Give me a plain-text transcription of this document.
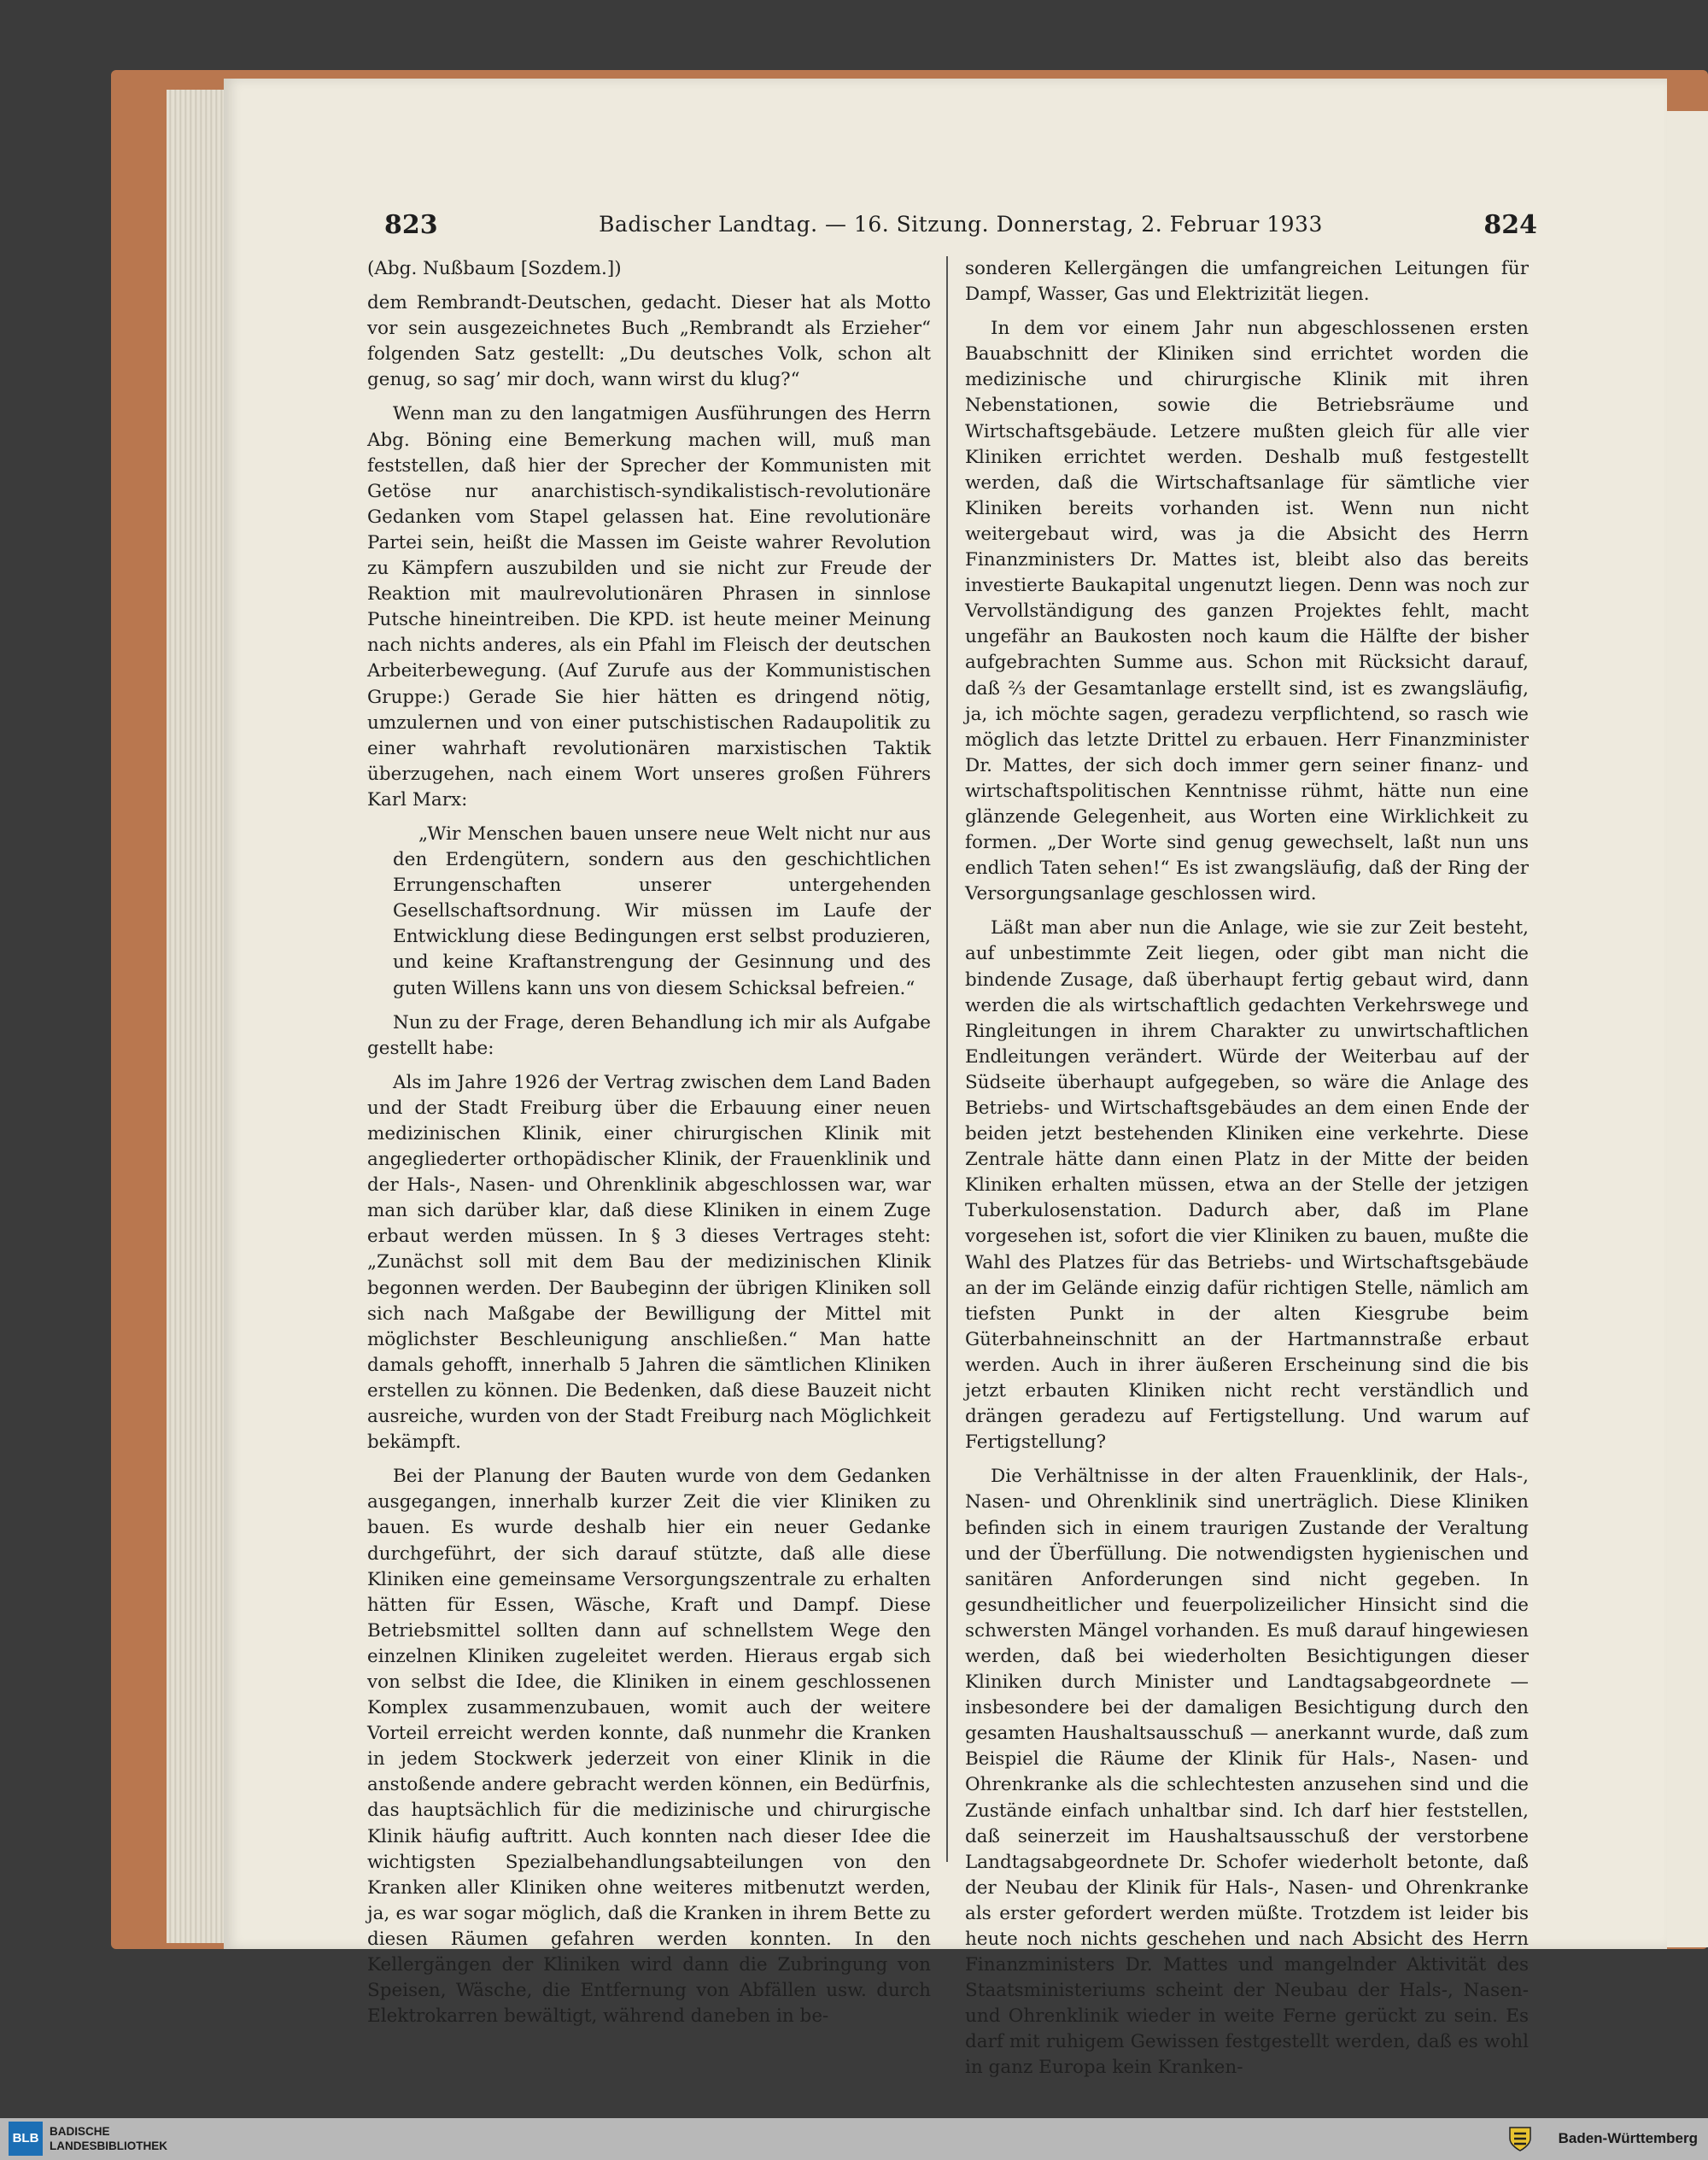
823	Badischer Landtag. — 16. Sitzung. Donnerstag, 2. Februar 1933	824

(Abg. Nußbaum [Sozdem.])

dem Rembrandt-Deutschen, gedacht. Dieser hat als Motto vor sein ausgezeichnetes Buch „Rembrandt als Erzieher“ folgenden Satz gestellt: „Du deutsches Volk, schon alt genug, so sag’ mir doch, wann wirst du klug?“

Wenn man zu den langatmigen Ausführungen des Herrn Abg. Böning eine Bemerkung machen will, muß man feststellen, daß hier der Sprecher der Kommunisten mit Getöse nur anarchistisch-syndikalistisch-revolutionäre Gedanken vom Stapel gelassen hat. Eine revolutionäre Partei sein, heißt die Massen im Geiste wahrer Revolution zu Kämpfern auszubilden und sie nicht zur Freude der Reaktion mit maulrevolutionären Phrasen in sinnlose Putsche hineintreiben. Die KPD. ist heute meiner Meinung nach nichts anderes, als ein Pfahl im Fleisch der deutschen Arbeiterbewegung. (Auf Zurufe aus der Kommunistischen Gruppe:) Gerade Sie hier hätten es dringend nötig, umzulernen und von einer putschistischen Radaupolitik zu einer wahrhaft revolutionären marxistischen Taktik überzugehen, nach einem Wort unseres großen Führers Karl Marx:

„Wir Menschen bauen unsere neue Welt nicht nur aus den Erdengütern, sondern aus den geschichtlichen Errungenschaften unserer untergehenden Gesellschaftsordnung. Wir müssen im Laufe der Entwicklung diese Bedingungen erst selbst produzieren, und keine Kraftanstrengung der Gesinnung und des guten Willens kann uns von diesem Schicksal befreien.“

Nun zu der Frage, deren Behandlung ich mir als Aufgabe gestellt habe:

Als im Jahre 1926 der Vertrag zwischen dem Land Baden und der Stadt Freiburg über die Erbauung einer neuen medizinischen Klinik, einer chirurgischen Klinik mit angegliederter orthopädischer Klinik, der Frauenklinik und der Hals-, Nasen- und Ohrenklinik abgeschlossen war, war man sich darüber klar, daß diese Kliniken in einem Zuge erbaut werden müssen. In § 3 dieses Vertrages steht: „Zunächst soll mit dem Bau der medizinischen Klinik begonnen werden. Der Baubeginn der übrigen Kliniken soll sich nach Maßgabe der Bewilligung der Mittel mit möglichster Beschleunigung anschließen.“ Man hatte damals gehofft, innerhalb 5 Jahren die sämtlichen Kliniken erstellen zu können. Die Bedenken, daß diese Bauzeit nicht ausreiche, wurden von der Stadt Freiburg nach Möglichkeit bekämpft.

Bei der Planung der Bauten wurde von dem Gedanken ausgegangen, innerhalb kurzer Zeit die vier Kliniken zu bauen. Es wurde deshalb hier ein neuer Gedanke durchgeführt, der sich darauf stützte, daß alle diese Kliniken eine gemeinsame Versorgungszentrale zu erhalten hätten für Essen, Wäsche, Kraft und Dampf. Diese Betriebsmittel sollten dann auf schnellstem Wege den einzelnen Kliniken zugeleitet werden. Hieraus ergab sich von selbst die Idee, die Kliniken in einem geschlossenen Komplex zusammenzubauen, womit auch der weitere Vorteil erreicht werden konnte, daß nunmehr die Kranken in jedem Stockwerk jederzeit von einer Klinik in die anstoßende andere gebracht werden können, ein Bedürfnis, das hauptsächlich für die medizinische und chirurgische Klinik häufig auftritt. Auch konnten nach dieser Idee die wichtigsten Spezialbehandlungsabteilungen von den Kranken aller Kliniken ohne weiteres mitbenutzt werden, ja, es war sogar möglich, daß die Kranken in ihrem Bette zu diesen Räumen gefahren werden konnten. In den Kellergängen der Kliniken wird dann die Zubringung von Speisen, Wäsche, die Entfernung von Abfällen usw. durch Elektrokarren bewältigt, während daneben in be-

sonderen Kellergängen die umfangreichen Leitungen für Dampf, Wasser, Gas und Elektrizität liegen.

In dem vor einem Jahr nun abgeschlossenen ersten Bauabschnitt der Kliniken sind errichtet worden die medizinische und chirurgische Klinik mit ihren Nebenstationen, sowie die Betriebsräume und Wirtschaftsgebäude. Letzere mußten gleich für alle vier Kliniken errichtet werden. Deshalb muß festgestellt werden, daß die Wirtschaftsanlage für sämtliche vier Kliniken bereits vorhanden ist. Wenn nun nicht weitergebaut wird, was ja die Absicht des Herrn Finanzministers Dr. Mattes ist, bleibt also das bereits investierte Baukapital ungenutzt liegen. Denn was noch zur Vervollständigung des ganzen Projektes fehlt, macht ungefähr an Baukosten noch kaum die Hälfte der bisher aufgebrachten Summe aus. Schon mit Rücksicht darauf, daß ⅔ der Gesamtanlage erstellt sind, ist es zwangsläufig, ja, ich möchte sagen, geradezu verpflichtend, so rasch wie möglich das letzte Drittel zu erbauen. Herr Finanzminister Dr. Mattes, der sich doch immer gern seiner finanz- und wirtschaftspolitischen Kenntnisse rühmt, hätte nun eine glänzende Gelegenheit, aus Worten eine Wirklichkeit zu formen. „Der Worte sind genug gewechselt, laßt nun uns endlich Taten sehen!“ Es ist zwangsläufig, daß der Ring der Versorgungsanlage geschlossen wird.

Läßt man aber nun die Anlage, wie sie zur Zeit besteht, auf unbestimmte Zeit liegen, oder gibt man nicht die bindende Zusage, daß überhaupt fertig gebaut wird, dann werden die als wirtschaftlich gedachten Verkehrswege und Ringleitungen in ihrem Charakter zu unwirtschaftlichen Endleitungen verändert. Würde der Weiterbau auf der Südseite überhaupt aufgegeben, so wäre die Anlage des Betriebs- und Wirtschaftsgebäudes an dem einen Ende der beiden jetzt bestehenden Kliniken eine verkehrte. Diese Zentrale hätte dann einen Platz in der Mitte der beiden Kliniken erhalten müssen, etwa an der Stelle der jetzigen Tuberkulosenstation. Dadurch aber, daß im Plane vorgesehen ist, sofort die vier Kliniken zu bauen, mußte die Wahl des Platzes für das Betriebs- und Wirtschaftsgebäude an der im Gelände einzig dafür richtigen Stelle, nämlich am tiefsten Punkt in der alten Kiesgrube beim Güterbahneinschnitt an der Hartmannstraße erbaut werden. Auch in ihrer äußeren Erscheinung sind die bis jetzt erbauten Kliniken nicht recht verständlich und drängen geradezu auf Fertigstellung. Und warum auf Fertigstellung?

Die Verhältnisse in der alten Frauenklinik, der Hals-, Nasen- und Ohrenklinik sind unerträglich. Diese Kliniken befinden sich in einem traurigen Zustande der Veraltung und der Überfüllung. Die notwendigsten hygienischen und sanitären Anforderungen sind nicht gegeben. In gesundheitlicher und feuerpolizeilicher Hinsicht sind die schwersten Mängel vorhanden. Es muß darauf hingewiesen werden, daß bei wiederholten Besichtigungen dieser Kliniken durch Minister und Landtagsabgeordnete — insbesondere bei der damaligen Besichtigung durch den gesamten Haushaltsausschuß — anerkannt wurde, daß zum Beispiel die Räume der Klinik für Hals-, Nasen- und Ohrenkranke als die schlechtesten anzusehen sind und die Zustände einfach unhaltbar sind. Ich darf hier feststellen, daß seinerzeit im Haushaltsausschuß der verstorbene Landtagsabgeordnete Dr. Schofer wiederholt betonte, daß der Neubau der Klinik für Hals-, Nasen- und Ohrenkranke als erster gefordert werden müßte. Trotzdem ist leider bis heute noch nichts geschehen und nach Absicht des Herrn Finanzministers Dr. Mattes und mangelnder Aktivität des Staatsministeriums scheint der Neubau der Hals-, Nasen- und Ohrenklinik wieder in weite Ferne gerückt zu sein. Es darf mit ruhigem Gewissen festgestellt werden, daß es wohl in ganz Europa kein Kranken-

BLB BADISCHE
LANDESBIBLIOTHEK	Baden-Württemberg
